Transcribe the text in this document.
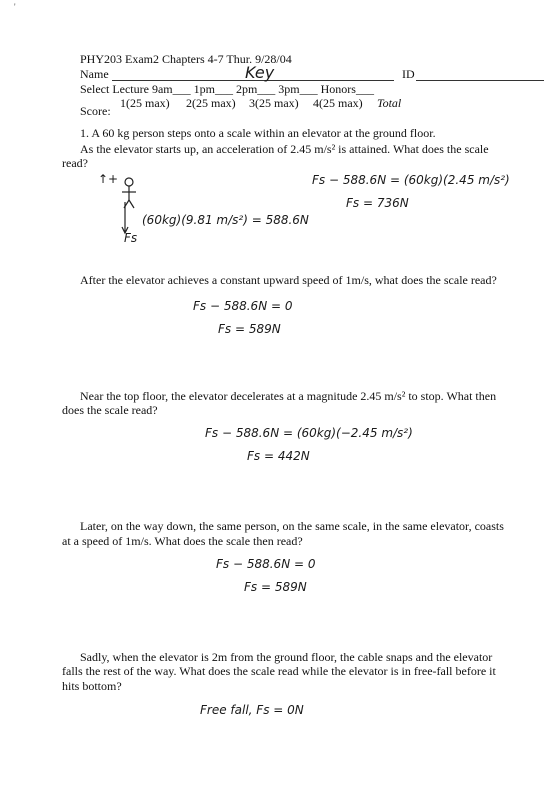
'
PHY203 Exam2 Chapters 4-7 Thur. 9/28/04
Name	Key	ID
Select Lecture 9am___ 1pm___ 2pm___ 3pm___ Honors___
Score:
1(25 max) 2(25 max) 3(25 max) 4(25 max) Total
1. A 60 kg person steps onto a scale within an elevator at the ground floor.
As the elevator starts up, an acceleration of 2.45 m/s² is attained. What does the scale
read?
↑+
(60kg)(9.81 m/s²) = 588.6N
Fs
Fs − 588.6N = (60kg)(2.45 m/s²)
Fs = 736N
After the elevator achieves a constant upward speed of 1m/s, what does the scale read?
Fs − 588.6N = 0
Fs = 589N
Near the top floor, the elevator decelerates at a magnitude 2.45 m/s² to stop. What then
does the scale read?
Fs − 588.6N = (60kg)(−2.45 m/s²)
Fs = 442N
Later, on the way down, the same person, on the same scale, in the same elevator, coasts
at a speed of 1m/s. What does the scale then read?
Fs − 588.6N = 0
Fs = 589N
Sadly, when the elevator is 2m from the ground floor, the cable snaps and the elevator
falls the rest of the way. What does the scale read while the elevator is in free-fall before it
hits bottom?
Free fall, Fs = 0N
